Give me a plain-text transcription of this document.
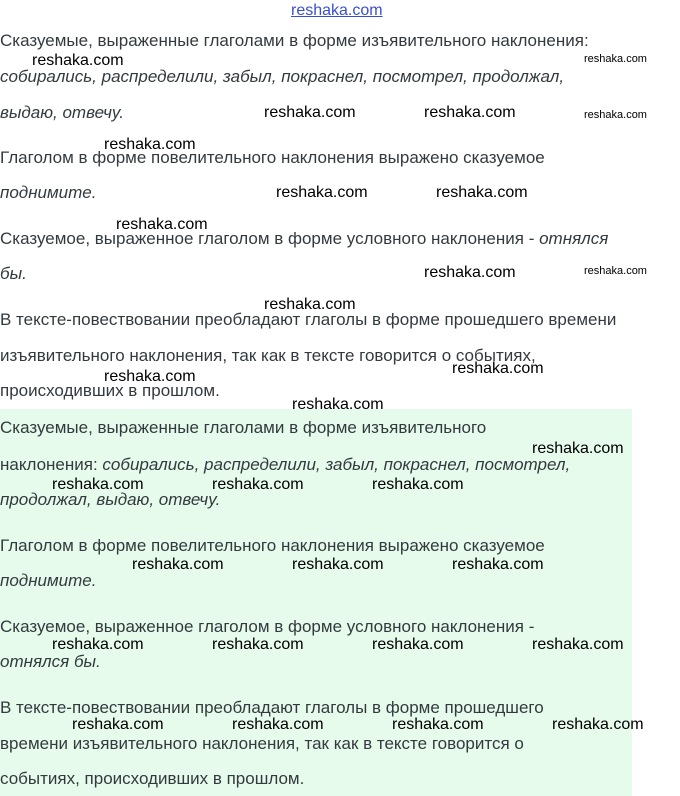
reshaka.com
Сказуемые, выраженные глаголами в форме изъявительного наклонения:
собирались, распределили, забыл, покраснел, посмотрел, продолжал,
выдаю, отвечу.
Глаголом в форме повелительного наклонения выражено сказуемое
поднимите.
Сказуемое, выраженное глаголом в форме условного наклонения - отнялся
бы.
В тексте-повествовании преобладают глаголы в форме прошедшего времени
изъявительного наклонения, так как в тексте говорится о событиях,
происходивших в прошлом.
Сказуемые, выраженные глаголами в форме изъявительного
наклонения: собирались, распределили, забыл, покраснел, посмотрел,
продолжал, выдаю, отвечу.
Глаголом в форме повелительного наклонения выражено сказуемое
поднимите.
Сказуемое, выраженное глаголом в форме условного наклонения -
отнялся бы.
В тексте-повествовании преобладают глаголы в форме прошедшего
времени изъявительного наклонения, так как в тексте говорится о
событиях, происходивших в прошлом.
reshaka.com	reshaka.com
reshaka.com	reshaka.com	reshaka.com
reshaka.com
reshaka.com	reshaka.com
reshaka.com
reshaka.com	reshaka.com
reshaka.com
reshaka.com
reshaka.com
reshaka.com
reshaka.com
reshaka.com	reshaka.com	reshaka.com
reshaka.com	reshaka.com	reshaka.com
reshaka.com	reshaka.com	reshaka.com	reshaka.com
reshaka.com	reshaka.com	reshaka.com	reshaka.com
